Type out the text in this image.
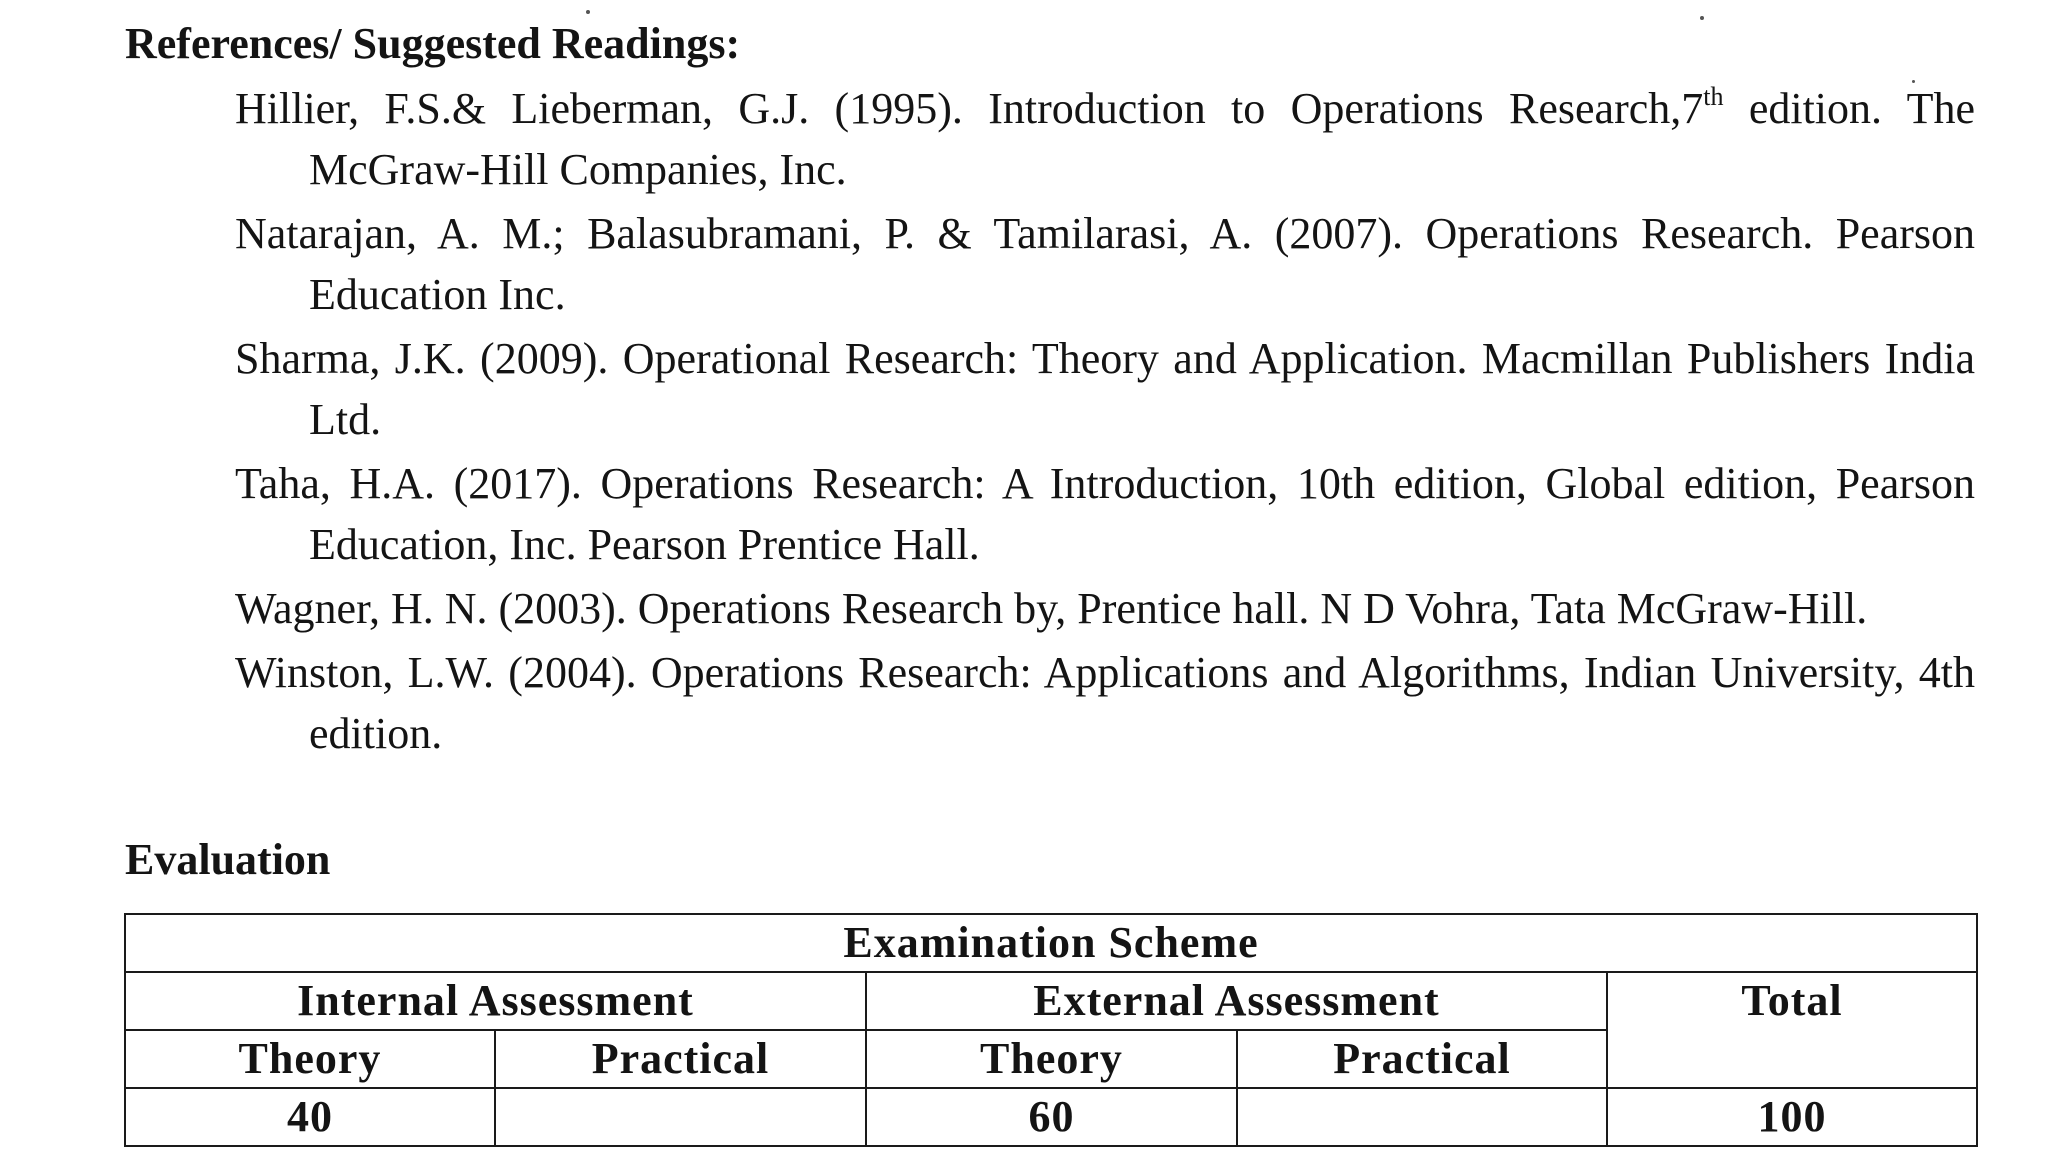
References/ Suggested Readings:
Hillier, F.S.& Lieberman, G.J. (1995). Introduction to Operations Research,7th edition. The McGraw-Hill Companies, Inc.
Natarajan, A. M.; Balasubramani, P. & Tamilarasi, A. (2007). Operations Research. Pearson Education Inc.
Sharma, J.K. (2009). Operational Research: Theory and Application. Macmillan Publishers India Ltd.
Taha, H.A. (2017). Operations Research: A Introduction, 10th edition, Global edition, Pearson Education, Inc. Pearson Prentice Hall.
Wagner, H. N. (2003). Operations Research by, Prentice hall. N D Vohra, Tata McGraw-Hill.
Winston, L.W. (2004). Operations Research: Applications and Algorithms, Indian University, 4th edition.
Evaluation
Examination Scheme				
Internal Assessment		External Assessment		Total
Theory	Practical	Theory	Practical	
40		60		100
